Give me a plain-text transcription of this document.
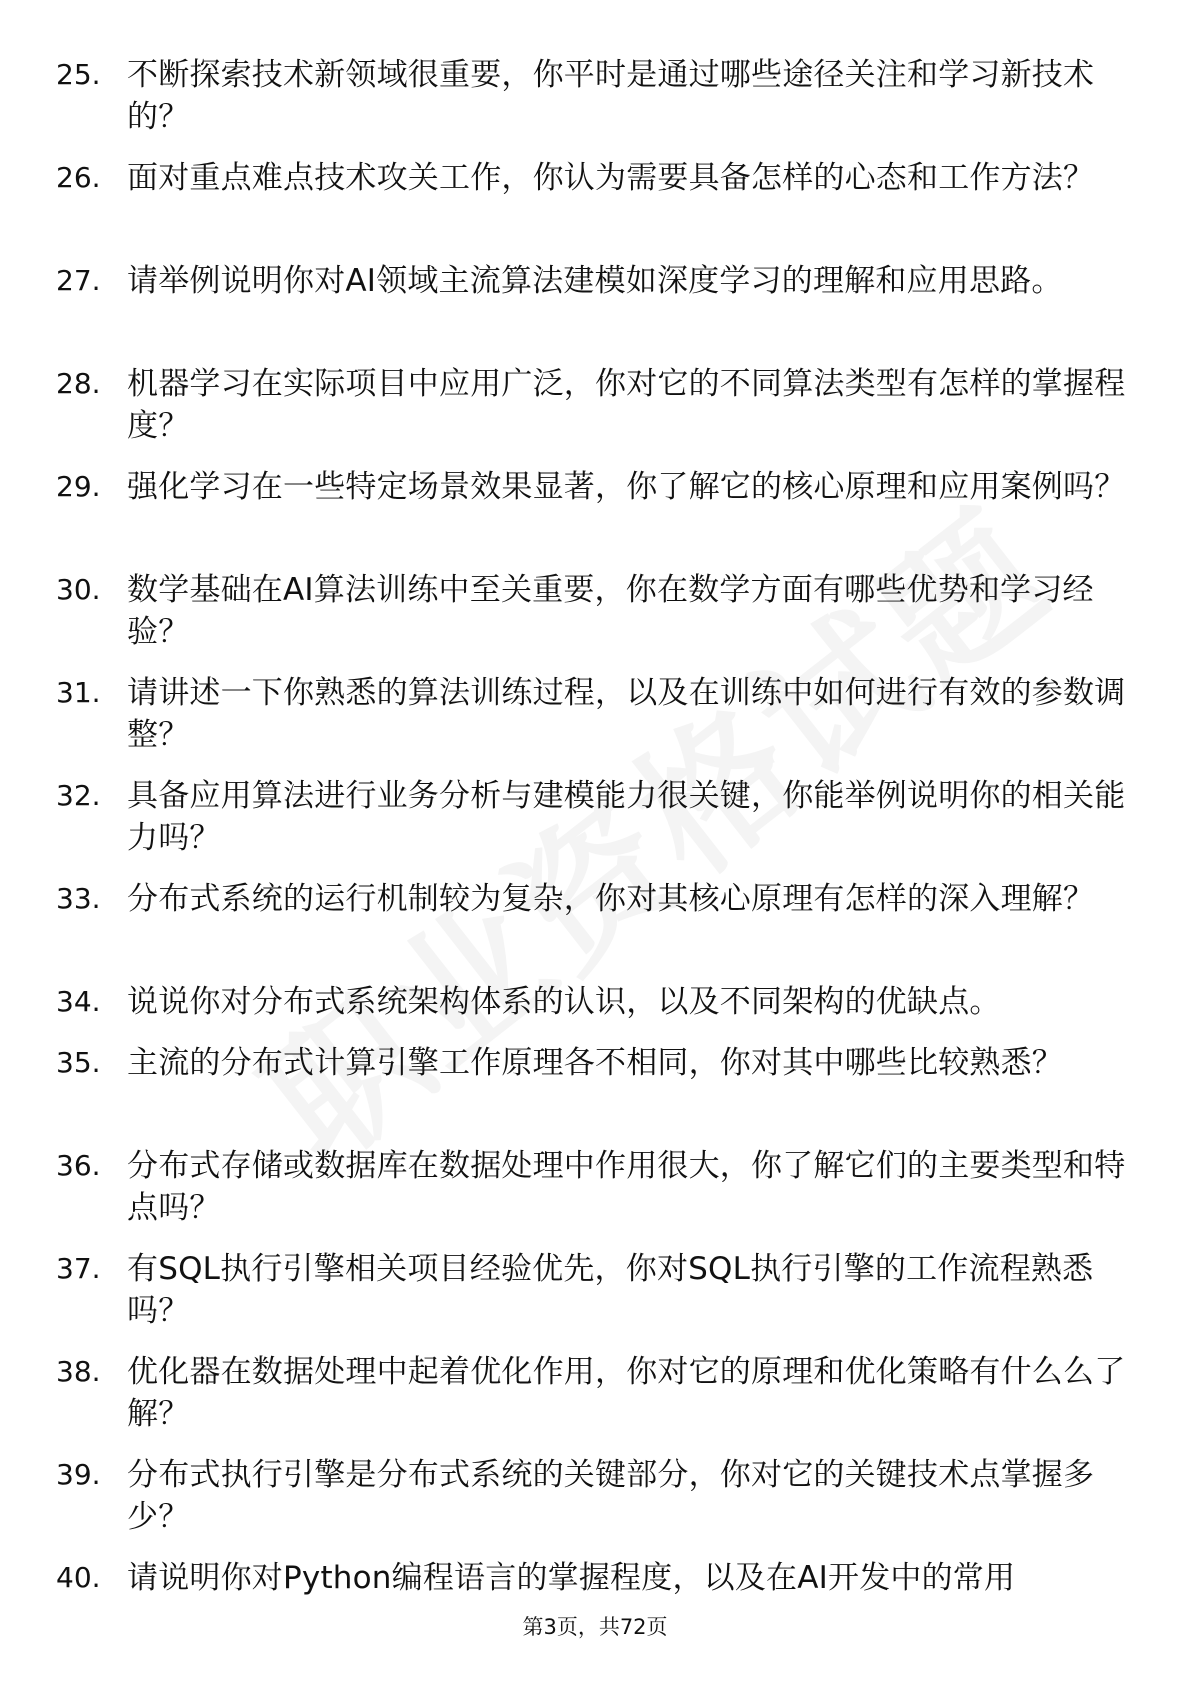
25. 不断探索技术新领域很重要，你平时是通过哪些途径关注和学习新技术的？
26. 面对重点难点技术攻关工作，你认为需要具备怎样的心态和工作方法？
27. 请举例说明你对AI领域主流算法建模如深度学习的理解和应用思路。
28. 机器学习在实际项目中应用广泛，你对它的不同算法类型有怎样的掌握程度？
29. 强化学习在一些特定场景效果显著，你了解它的核心原理和应用案例吗？
30. 数学基础在AI算法训练中至关重要，你在数学方面有哪些优势和学习经验？
31. 请讲述一下你熟悉的算法训练过程，以及在训练中如何进行有效的参数调整？
32. 具备应用算法进行业务分析与建模能力很关键，你能举例说明你的相关能力吗？
33. 分布式系统的运行机制较为复杂，你对其核心原理有怎样的深入理解？
34. 说说你对分布式系统架构体系的认识，以及不同架构的优缺点。
35. 主流的分布式计算引擎工作原理各不相同，你对其中哪些比较熟悉？
36. 分布式存储或数据库在数据处理中作用很大，你了解它们的主要类型和特点吗？
37. 有SQL执行引擎相关项目经验优先，你对SQL执行引擎的工作流程熟悉吗？
38. 优化器在数据处理中起着优化作用，你对它的原理和优化策略有什么么了解？
39. 分布式执行引擎是分布式系统的关键部分，你对它的关键技术点掌握多少？
40. 请说明你对Python编程语言的掌握程度，以及在AI开发中的常用
第3页，共72页
